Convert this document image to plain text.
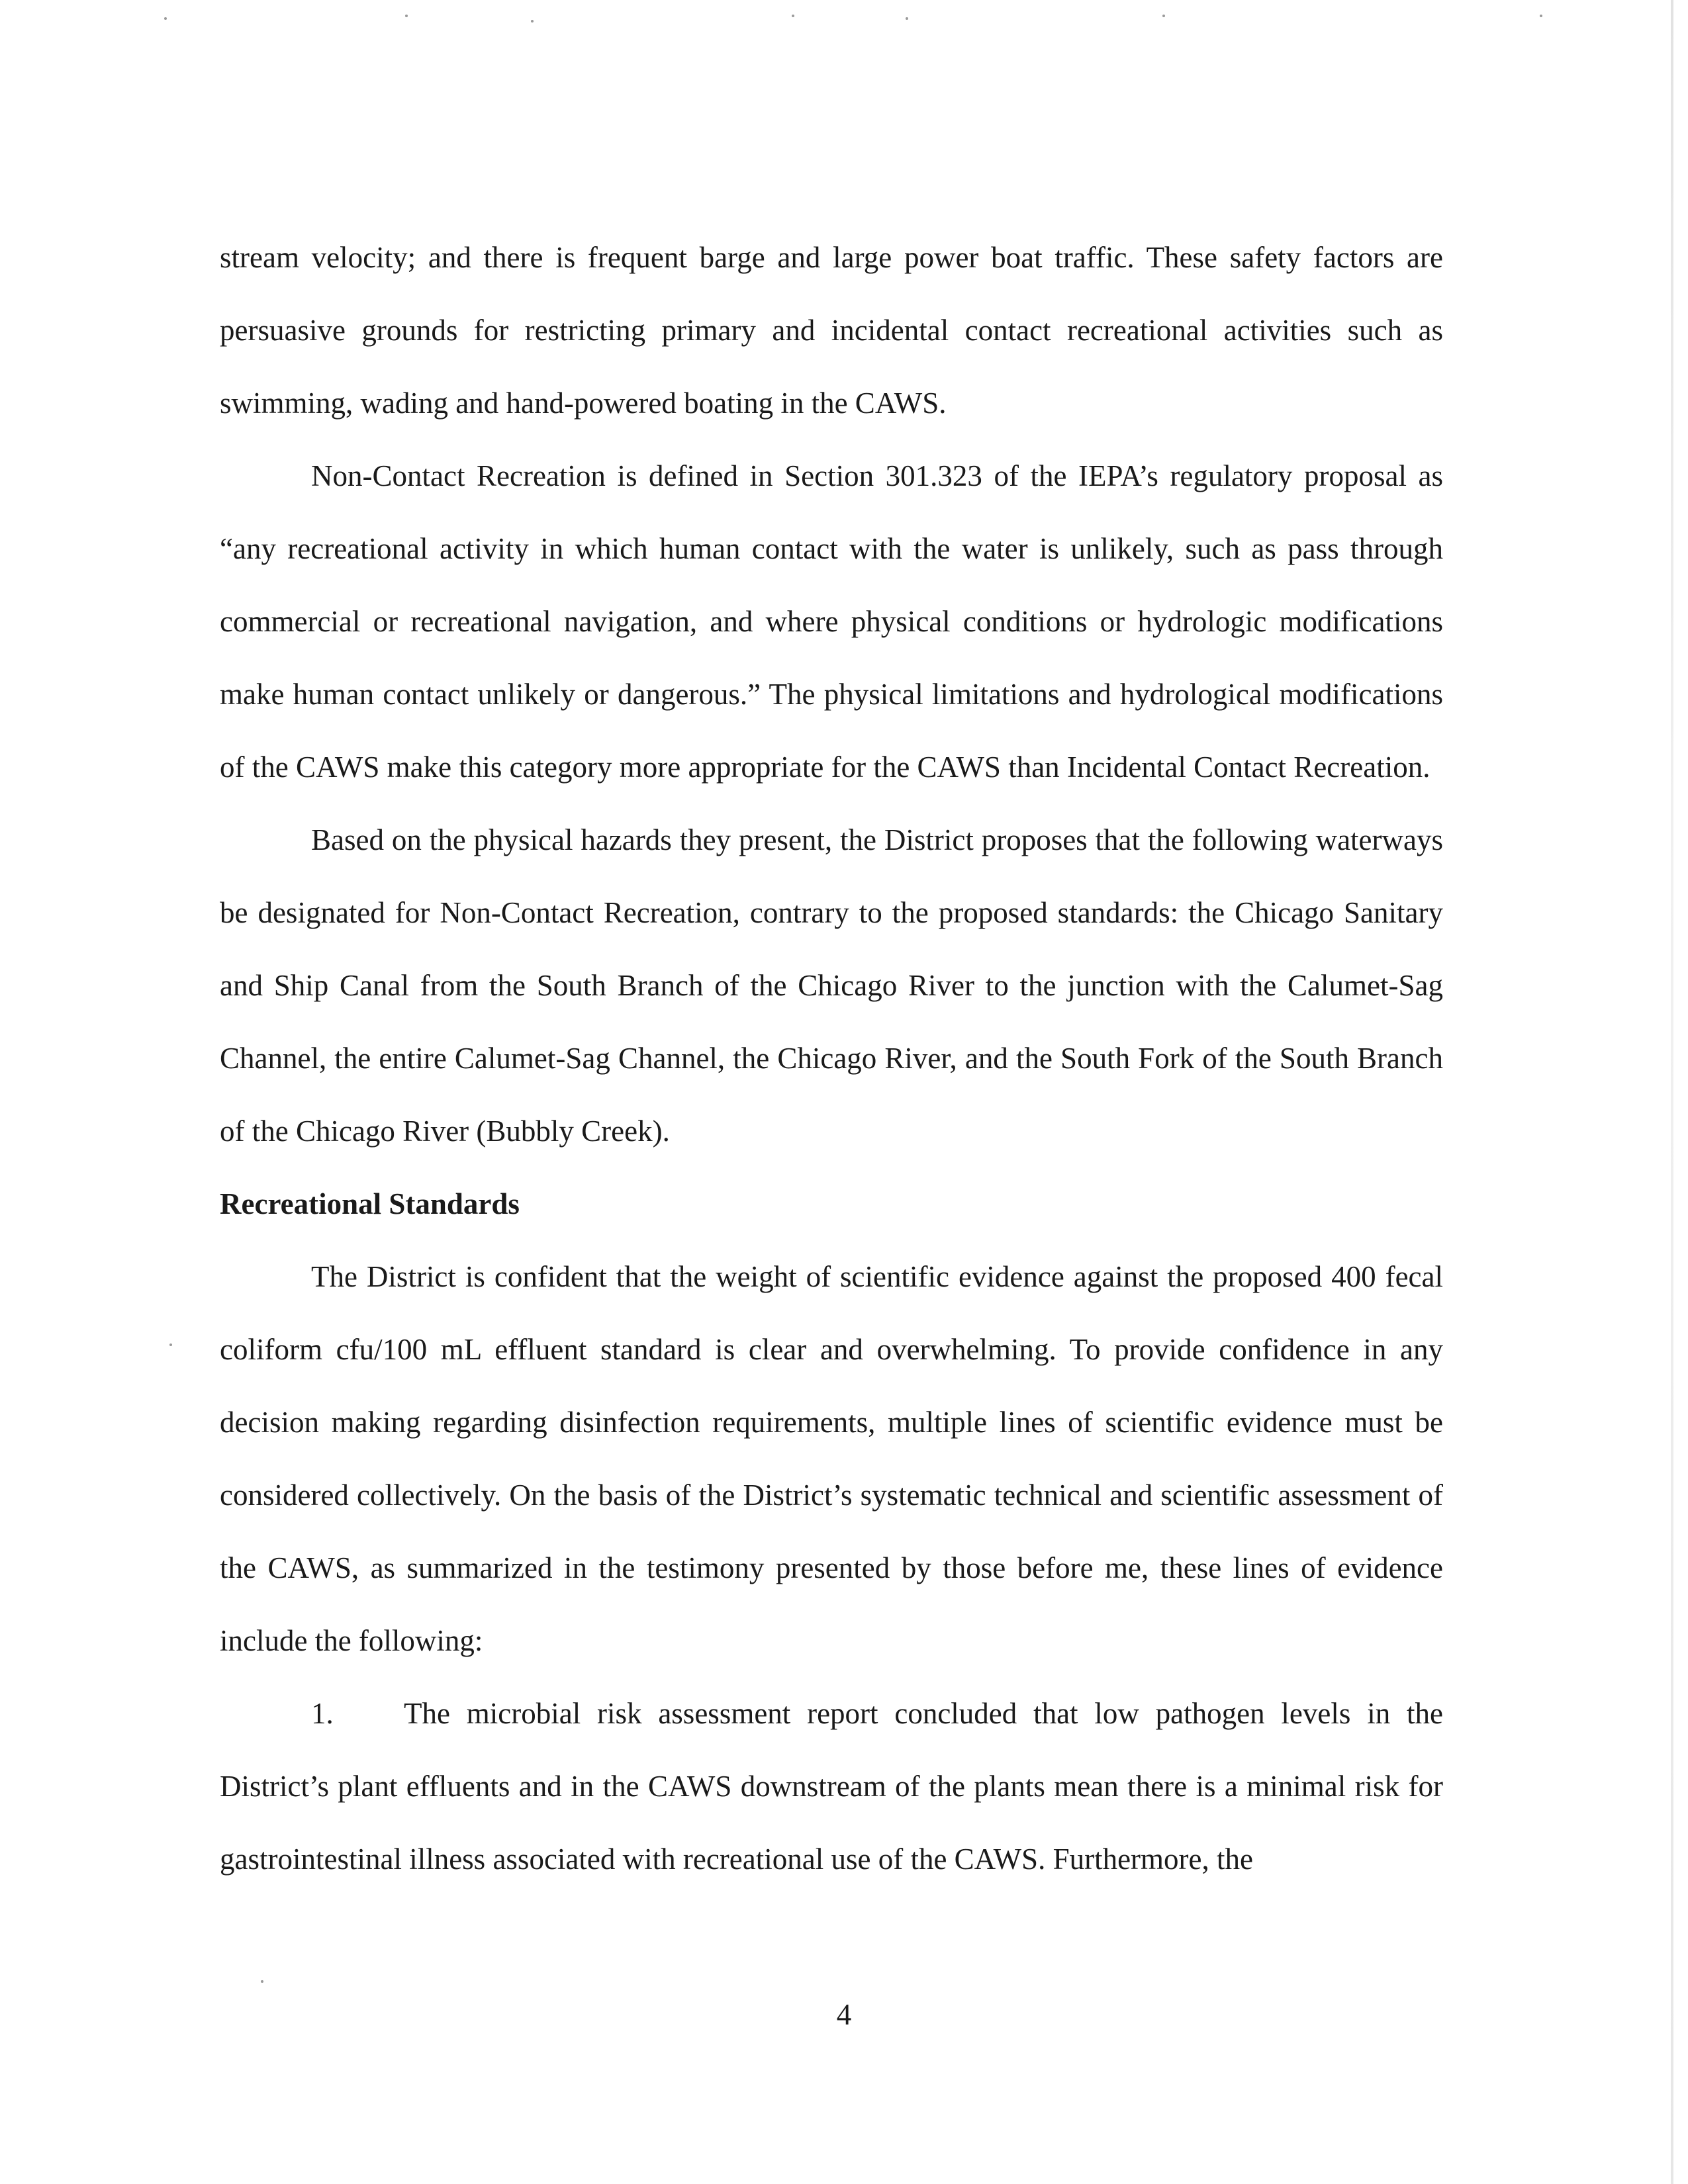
stream velocity; and there is frequent barge and large power boat traffic. These safety factors are persuasive grounds for restricting primary and incidental contact recreational activities such as swimming, wading and hand-powered boating in the CAWS.

Non-Contact Recreation is defined in Section 301.323 of the IEPA’s regulatory proposal as “any recreational activity in which human contact with the water is unlikely, such as pass through commercial or recreational navigation, and where physical conditions or hydrologic modifications make human contact unlikely or dangerous.” The physical limitations and hydrological modifications of the CAWS make this category more appropriate for the CAWS than Incidental Contact Recreation.

Based on the physical hazards they present, the District proposes that the following waterways be designated for Non-Contact Recreation, contrary to the proposed standards: the Chicago Sanitary and Ship Canal from the South Branch of the Chicago River to the junction with the Calumet-Sag Channel, the entire Calumet-Sag Channel, the Chicago River, and the South Fork of the South Branch of the Chicago River (Bubbly Creek).

Recreational Standards

The District is confident that the weight of scientific evidence against the proposed 400 fecal coliform cfu/100 mL effluent standard is clear and overwhelming. To provide confidence in any decision making regarding disinfection requirements, multiple lines of scientific evidence must be considered collectively. On the basis of the District’s systematic technical and scientific assessment of the CAWS, as summarized in the testimony presented by those before me, these lines of evidence include the following:

1. The microbial risk assessment report concluded that low pathogen levels in the District’s plant effluents and in the CAWS downstream of the plants mean there is a minimal risk for gastrointestinal illness associated with recreational use of the CAWS. Furthermore, the

4
